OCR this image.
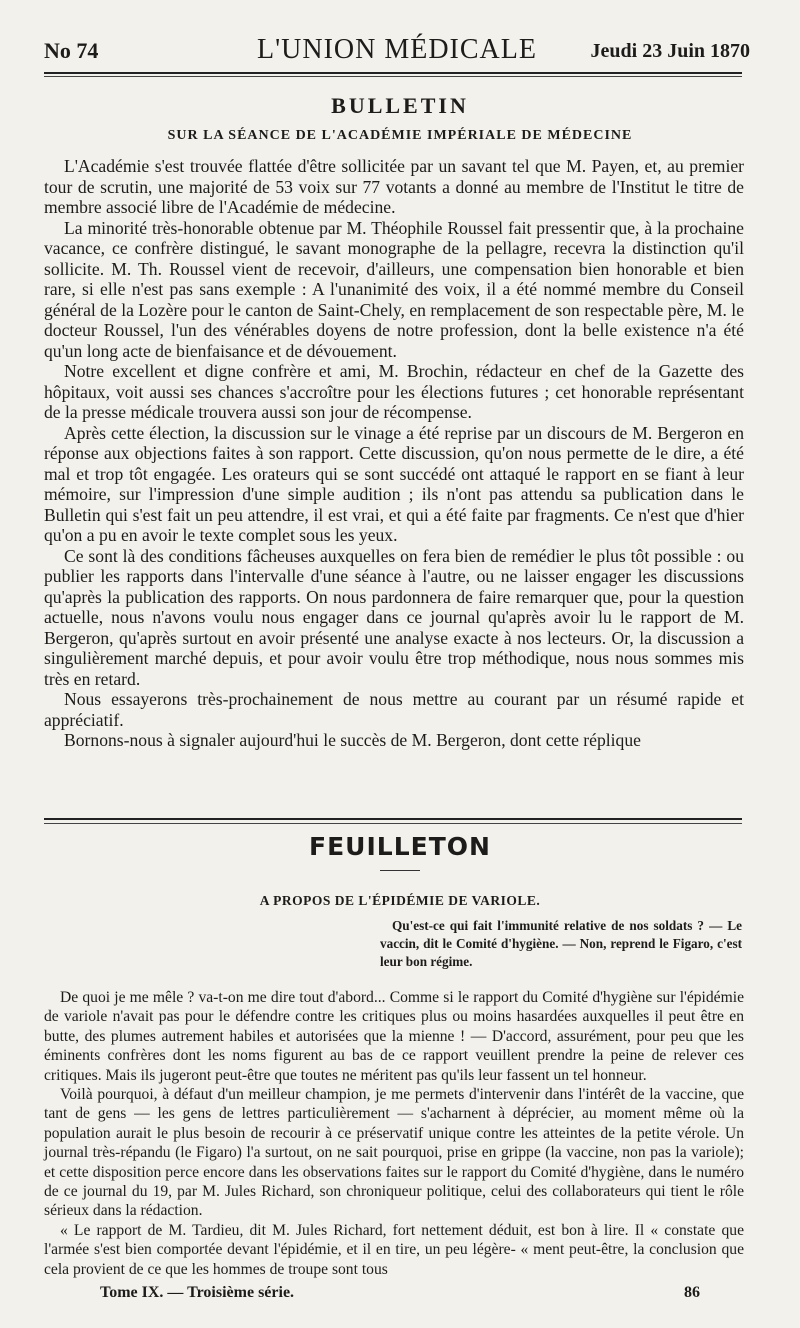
No 74	L'UNION MÉDICALE	Jeudi 23 Juin 1870
BULLETIN
SUR LA SÉANCE DE L'ACADÉMIE IMPÉRIALE DE MÉDECINE

L'Académie s'est trouvée flattée d'être sollicitée par un savant tel que M. Payen, et, au premier tour de scrutin, une majorité de 53 voix sur 77 votants a donné au membre de l'Institut le titre de membre associé libre de l'Académie de médecine.

La minorité très-honorable obtenue par M. Théophile Roussel fait pressentir que, à la prochaine vacance, ce confrère distingué, le savant monographe de la pellagre, recevra la distinction qu'il sollicite. M. Th. Roussel vient de recevoir, d'ailleurs, une compensation bien honorable et bien rare, si elle n'est pas sans exemple : A l'unanimité des voix, il a été nommé membre du Conseil général de la Lozère pour le canton de Saint-Chely, en remplacement de son respectable père, M. le docteur Roussel, l'un des vénérables doyens de notre profession, dont la belle existence n'a été qu'un long acte de bienfaisance et de dévouement.

Notre excellent et digne confrère et ami, M. Brochin, rédacteur en chef de la Gazette des hôpitaux, voit aussi ses chances s'accroître pour les élections futures ; cet honorable représentant de la presse médicale trouvera aussi son jour de récompense.

Après cette élection, la discussion sur le vinage a été reprise par un discours de M. Bergeron en réponse aux objections faites à son rapport. Cette discussion, qu'on nous permette de le dire, a été mal et trop tôt engagée. Les orateurs qui se sont succédé ont attaqué le rapport en se fiant à leur mémoire, sur l'impression d'une simple audition ; ils n'ont pas attendu sa publication dans le Bulletin qui s'est fait un peu attendre, il est vrai, et qui a été faite par fragments. Ce n'est que d'hier qu'on a pu en avoir le texte complet sous les yeux.

Ce sont là des conditions fâcheuses auxquelles on fera bien de remédier le plus tôt possible : ou publier les rapports dans l'intervalle d'une séance à l'autre, ou ne laisser engager les discussions qu'après la publication des rapports. On nous pardonnera de faire remarquer que, pour la question actuelle, nous n'avons voulu nous engager dans ce journal qu'après avoir lu le rapport de M. Bergeron, qu'après surtout en avoir présenté une analyse exacte à nos lecteurs. Or, la discussion a singulièrement marché depuis, et pour avoir voulu être trop méthodique, nous nous sommes mis très en retard.

Nous essayerons très-prochainement de nous mettre au courant par un résumé rapide et appréciatif.

Bornons-nous à signaler aujourd'hui le succès de M. Bergeron, dont cette réplique

FEUILLETON
A PROPOS DE L'ÉPIDÉMIE DE VARIOLE.

Qu'est-ce qui fait l'immunité relative de nos soldats ? — Le vaccin, dit le Comité d'hygiène. — Non, reprend le Figaro, c'est leur bon régime.

De quoi je me mêle ? va-t-on me dire tout d'abord... Comme si le rapport du Comité d'hygiène sur l'épidémie de variole n'avait pas pour le défendre contre les critiques plus ou moins hasardées auxquelles il peut être en butte, des plumes autrement habiles et autorisées que la mienne ! — D'accord, assurément, pour peu que les éminents confrères dont les noms figurent au bas de ce rapport veuillent prendre la peine de relever ces critiques. Mais ils jugeront peut-être que toutes ne méritent pas qu'ils leur fassent un tel honneur.

Voilà pourquoi, à défaut d'un meilleur champion, je me permets d'intervenir dans l'intérêt de la vaccine, que tant de gens — les gens de lettres particulièrement — s'acharnent à déprécier, au moment même où la population aurait le plus besoin de recourir à ce préservatif unique contre les atteintes de la petite vérole. Un journal très-répandu (le Figaro) l'a surtout, on ne sait pourquoi, prise en grippe (la vaccine, non pas la variole); et cette disposition perce encore dans les observations faites sur le rapport du Comité d'hygiène, dans le numéro de ce journal du 19, par M. Jules Richard, son chroniqueur politique, celui des collaborateurs qui tient le rôle sérieux dans la rédaction.

« Le rapport de M. Tardieu, dit M. Jules Richard, fort nettement déduit, est bon à lire. Il « constate que l'armée s'est bien comportée devant l'épidémie, et il en tire, un peu légère- « ment peut-être, la conclusion que cela provient de ce que les hommes de troupe sont tous

Tome IX. — Troisième série.	86
